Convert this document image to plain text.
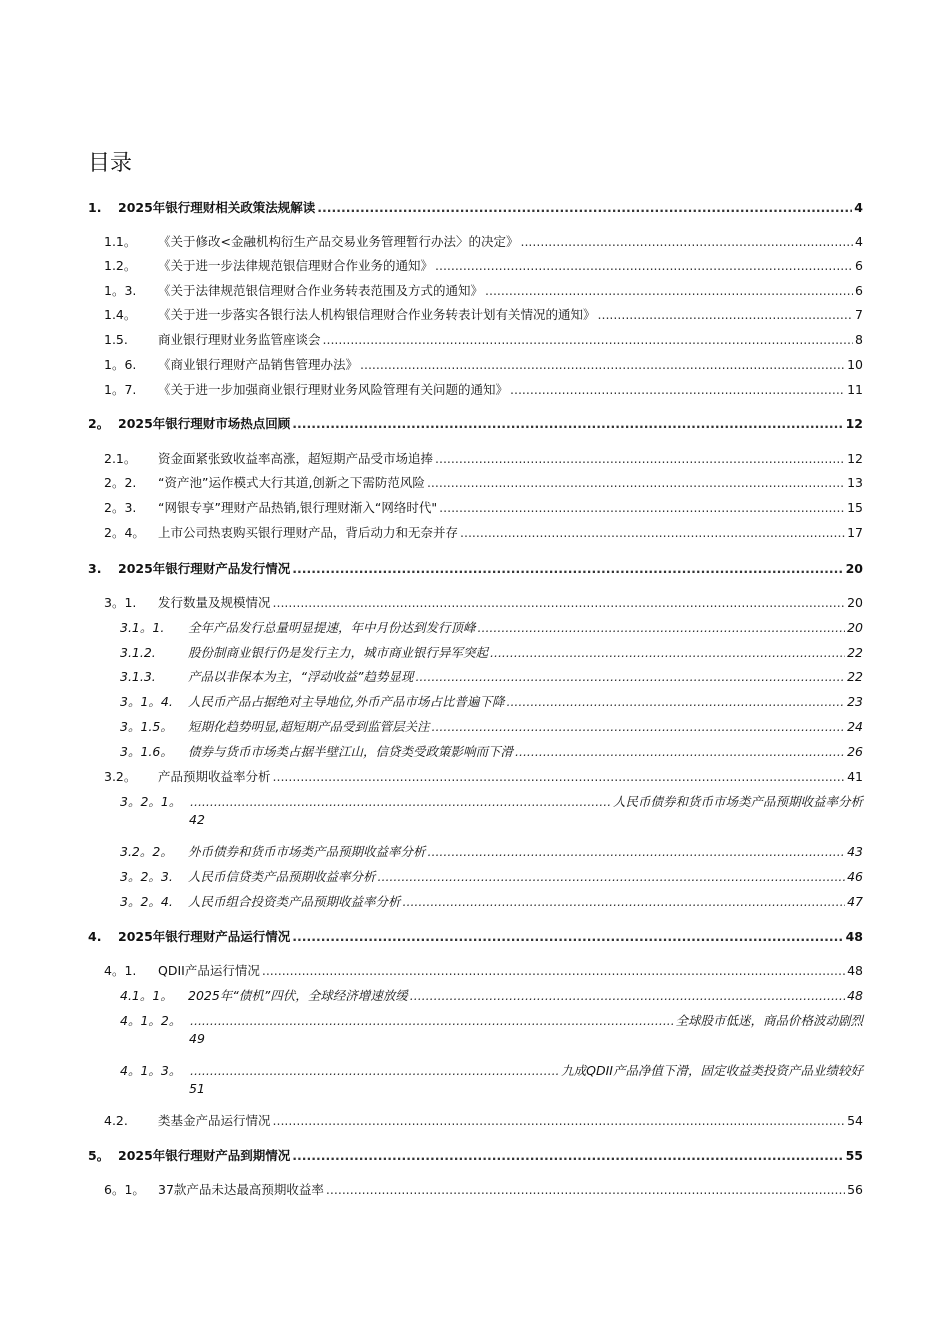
目录
1.	2025年银行理财相关政策法规解读 .....	4
1.1。	《关于修改<金融机构衍生产品交易业务管理暂行办法〉的决定》 .....	4
1.2。	《关于进一步法律规范银信理财合作业务的通知》 .....	6
1。3.	《关于法律规范银信理财合作业务转表范围及方式的通知》 .....	6
1.4。	《关于进一步落实各银行法人机构银信理财合作业务转表计划有关情况的通知》 .....	7
1.5.	商业银行理财业务监管座谈会 .....	8
1。6.	《商业银行理财产品销售管理办法》 .....	10
1。7.	《关于进一步加强商业银行理财业务风险管理有关问题的通知》 .....	11
2。 2025年银行理财市场热点回顾 .....	12
2.1。	资金面紧张致收益率高涨，超短期产品受市场追捧 .....	12
2。2.	“资产池”运作模式大行其道,创新之下需防范风险 .....	13
2。3.	“网银专享”理财产品热销,银行理财渐入“网络时代" .....	15
2。4。	上市公司热衷购买银行理财产品，背后动力和无奈并存 .....	17
3.	2025年银行理财产品发行情况 .....	20
3。1.	发行数量及规模情况 .....	20
3.1。1.	全年产品发行总量明显提速，年中月份达到发行顶峰 .....	20
3.1.2.	股份制商业银行仍是发行主力，城市商业银行异军突起 .....	22
3.1.3.	产品以非保本为主，“浮动收益”趋势显现 .....	22
3。1。4.	人民币产品占据绝对主导地位,外币产品市场占比普遍下降 .....	23
3。1.5。	短期化趋势明显,超短期产品受到监管层关注 .....	24
3。1.6。	债券与货币市场类占据半壁江山，信贷类受政策影响而下滑 .....	26
3.2。	产品预期收益率分析 .....	41
3。2。1。 .....	人民币债券和货币市场类产品预期收益率分析
42
3.2。2。	外币债券和货币市场类产品预期收益率分析 .....	43
3。2。3.	人民币信贷类产品预期收益率分析 .....	46
3。2。4.	人民币组合投资类产品预期收益率分析 .....	47
4.	2025年银行理财产品运行情况 .....	48
4。1.	QDII产品运行情况 .....	48
4.1。1。	2025年“债机”四伏，全球经济增速放缓 .....	48
4。1。2。 .....	全球股市低迷，商品价格波动剧烈
49
4。1。3。 .....	九成QDII产品净值下滑，固定收益类投资产品业绩较好
51
4.2.	类基金产品运行情况 .....	54
5。 2025年银行理财产品到期情况 .....	55
6。1。	37款产品未达最高预期收益率 .....	56
